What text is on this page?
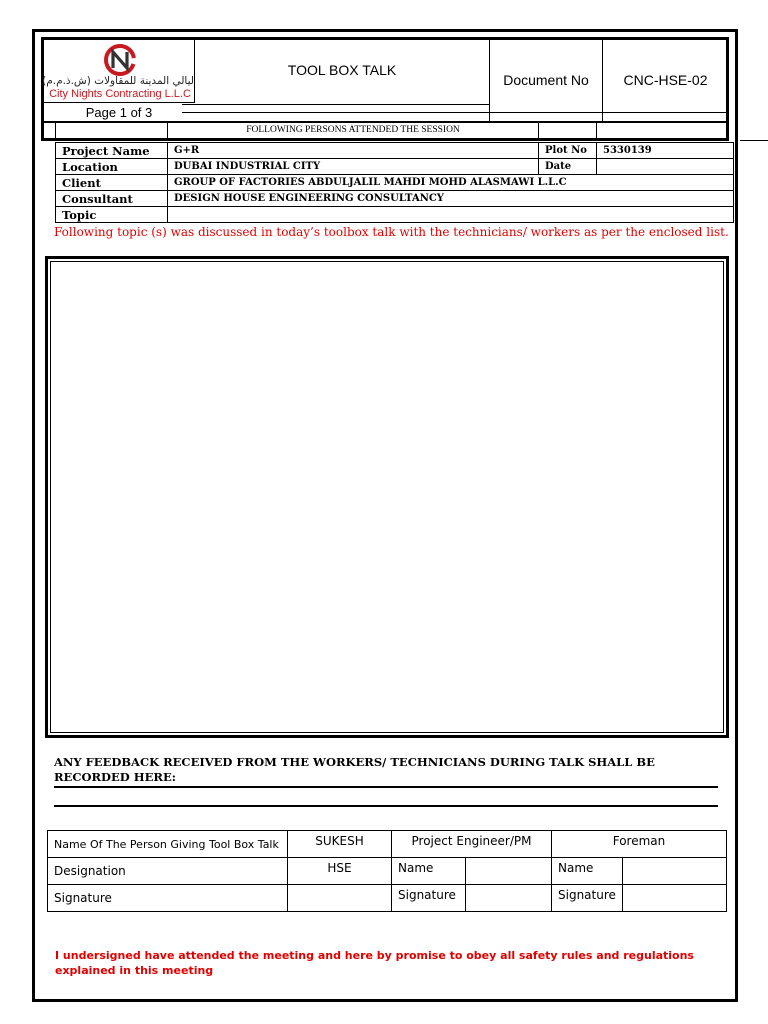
ليالي المدينة للمقاولات (ش.ذ.م.م)
City Nights Contracting L.L.C
TOOL BOX TALK
Document No	CNC-HSE-02
Page 1 of 3
FOLLOWING PERSONS ATTENDED THE SESSION
Project Name	G+R	Plot No	5330139
Location	DUBAI INDUSTRIAL CITY	Date	
Client	GROUP OF FACTORIES ABDULJALIL MAHDI MOHD ALASMAWI L.L.C		
Consultant	DESIGN HOUSE ENGINEERING CONSULTANCY		
Topic			
Following topic (s) was discussed in today’s toolbox talk with the technicians/ workers as per the enclosed list.
ANY FEEDBACK RECEIVED FROM THE WORKERS/ TECHNICIANS DURING TALK SHALL BE RECORDED HERE:
Name Of The Person Giving Tool Box Talk	SUKESH	Project Engineer/PM		Foreman	
Designation	HSE	Name		Name	
Signature		Signature		Signature	
I undersigned have attended the meeting and here by promise to obey all safety rules and regulations explained in this meeting
